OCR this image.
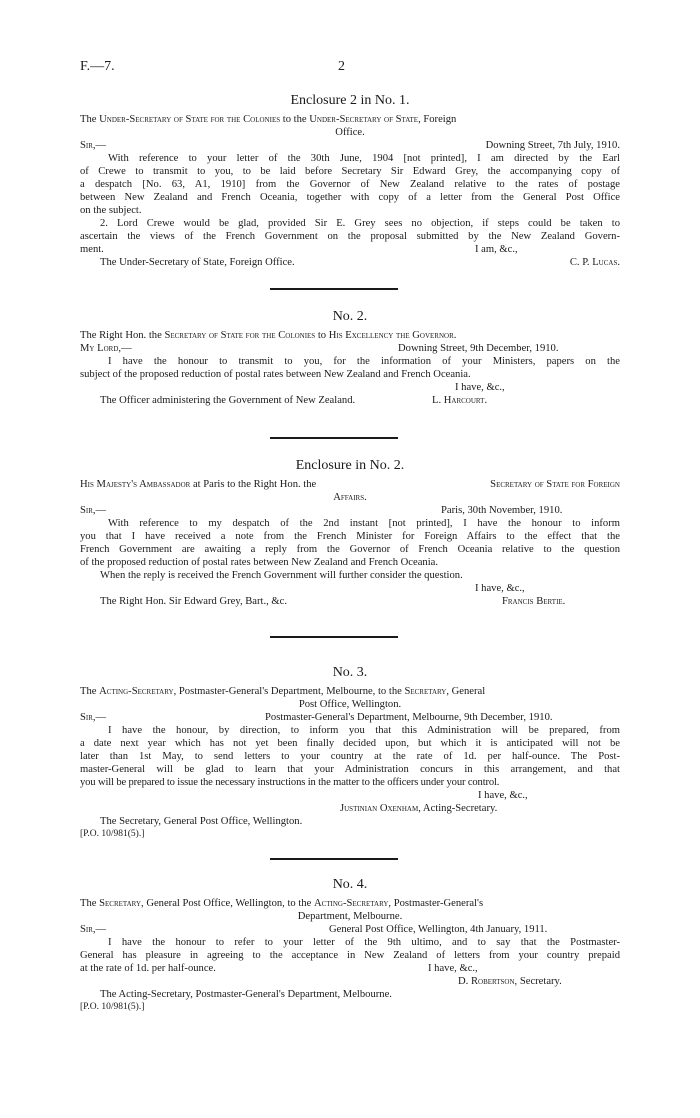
F.—7.	2
Enclosure 2 in No. 1.
The Under-Secretary of State for the Colonies to the Under-Secretary of State, Foreign
Office.
Sir,—	Downing Street, 7th July, 1910.
With reference to your letter of the 30th June, 1904 [not printed], I am directed by the Earl
of Crewe to transmit to you, to be laid before Secretary Sir Edward Grey, the accompanying copy of
a despatch [No. 63, A1, 1910] from the Governor of New Zealand relative to the rates of postage
between New Zealand and French Oceania, together with copy of a letter from the General Post Office
on the subject.
2. Lord Crewe would be glad, provided Sir E. Grey sees no objection, if steps could be taken to
ascertain the views of the French Government on the proposal submitted by the New Zealand Govern-
ment.	I am, &c.,
The Under-Secretary of State, Foreign Office.	C. P. Lucas.
No. 2.
The Right Hon. the Secretary of State for the Colonies to His Excellency the Governor.
My Lord,—	Downing Street, 9th December, 1910.
I have the honour to transmit to you, for the information of your Ministers, papers on the
subject of the proposed reduction of postal rates between New Zealand and French Oceania.
I have, &c.,
The Officer administering the Government of New Zealand.	L. Harcourt.
Enclosure in No. 2.
His Majesty's Ambassador at Paris to the Right Hon. the	Secretary of State for Foreign
Affairs.
Sir,—	Paris, 30th November, 1910.
With reference to my despatch of the 2nd instant [not printed], I have the honour to inform
you that I have received a note from the French Minister for Foreign Affairs to the effect that the
French Government are awaiting a reply from the Governor of French Oceania relative to the question
of the proposed reduction of postal rates between New Zealand and French Oceania.
When the reply is received the French Government will further consider the question.
I have, &c.,
The Right Hon. Sir Edward Grey, Bart., &c.	Francis Bertie.
No. 3.
The Acting-Secretary, Postmaster-General's Department, Melbourne, to the Secretary, General
Post Office, Wellington.
Sir,—	Postmaster-General's Department, Melbourne, 9th December, 1910.
I have the honour, by direction, to inform you that this Administration will be prepared, from
a date next year which has not yet been finally decided upon, but which it is anticipated will not be
later than 1st May, to send letters to your country at the rate of 1d. per half-ounce. The Post-
master-General will be glad to learn that your Administration concurs in this arrangement, and that
you will be prepared to issue the necessary instructions in the matter to the officers under your control.
I have, &c.,
Justinian Oxenham, Acting-Secretary.
The Secretary, General Post Office, Wellington.
[P.O. 10/981(5).]
No. 4.
The Secretary, General Post Office, Wellington, to the Acting-Secretary, Postmaster-General's
Department, Melbourne.
Sir,—	General Post Office, Wellington, 4th January, 1911.
I have the honour to refer to your letter of the 9th ultimo, and to say that the Postmaster-
General has pleasure in agreeing to the acceptance in New Zealand of letters from your country prepaid
at the rate of 1d. per half-ounce.	I have, &c.,
D. Robertson, Secretary.
The Acting-Secretary, Postmaster-General's Department, Melbourne.
[P.O. 10/981(5).]
